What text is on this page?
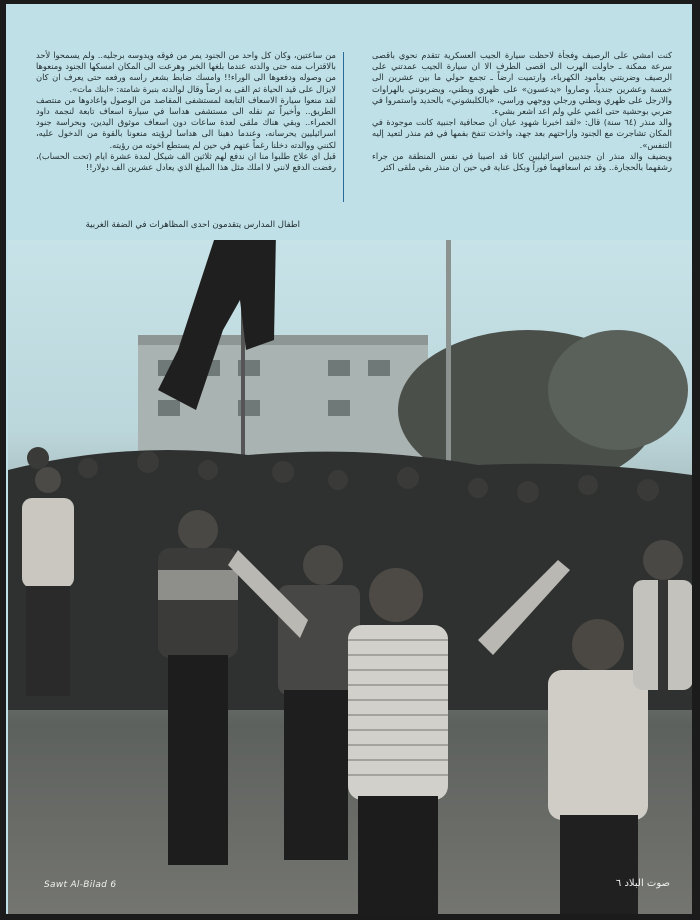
كنت امشي على الرصيف وفجأة لاحظت سيارة الجيب العسكرية تتقدم نحوي باقصى سرعة ممكنة ـ حاولت الهرب الى اقصى الطرف الا ان سيارة الجيب عمدتني على الرصيف وضربتني بعامود الكهرباء، وارتميت ارضاً ـ تجمع حولي ما بين عشرين الى خمسة وعشرين جندياً، وصاروا «يدعسون» على ظهري وبطني، ويضربونني بالهراوات والارجل على ظهري وبطني ورجلي ووجهي وراسي، «بالكلبشوني» بالحديد واستمروا في ضربي بوحشية حتى اغمي علي ولم اعد اشعر بشيء.

والد منذر (٦٤ سنة) قال: «لقد اخبرنا شهود عيان ان صحافية اجنبية كانت موجودة في المكان تشاجرت مع الجنود وازاحتهم بعد جهد، واخذت تنفخ بفمها في فم منذر لتعيد إليه التنفس».

ويضيف والد منذر ان جنديين اسرائيليين كانا قد اصيبا في نفس المنطقة من جراء رشقهما بالحجارة.. وقد تم اسعافهما فوراً وبكل عناية في حين ان منذر بقي ملقى اكثر

من ساعتين، وكان كل واحد من الجنود يمر من فوقه ويدوسه برجليه.. ولم يسمحوا لأحد بالاقتراب منه حتى والدته عندما بلغها الخبر وهرعت الى المكان امسكها الجنود ومنعوها من وصوله ودفعوها الى الوراء!! وامسك ضابط بشعر راسه ورفعه حتى يعرف ان كان لايزال على قيد الحياة ثم القى به ارضاً وقال لوالدته بنبرة شامتة: «ابنك مات».

لقد منعوا سيارة الاسعاف التابعة لمستشفى المقاصد من الوصول واعادوها من منتصف الطريق.. وأخيراً تم نقله الى مستشفى هداسا في سيارة اسعاف تابعة لنجمة داود الحمراء.. وبقي هناك ملقى لعدة ساعات دون اسعاف موثوق اليدين، وبحراسة جنود اسرائيليين يحرسانه، وعندما ذهبنا الى هداسا لرؤيته منعونا بالقوة من الدخول عليه، لكنني ووالدته دخلنا رغماً عنهم في حين لم يستطع اخوته من رؤيته.

قبل اي علاج طلبوا منا ان ندفع لهم ثلاثين الف شيكل لمدة عشرة ايام (تحت الحساب)، رفضت الدفع لانني لا املك مثل هذا المبلغ الذي يعادل عشرين الف دولار!!

اطفال المدارس يتقدمون احدى المظاهرات في الضفة الغربية
Sawt Al-Bilad 6	صوت البلاد ٦
